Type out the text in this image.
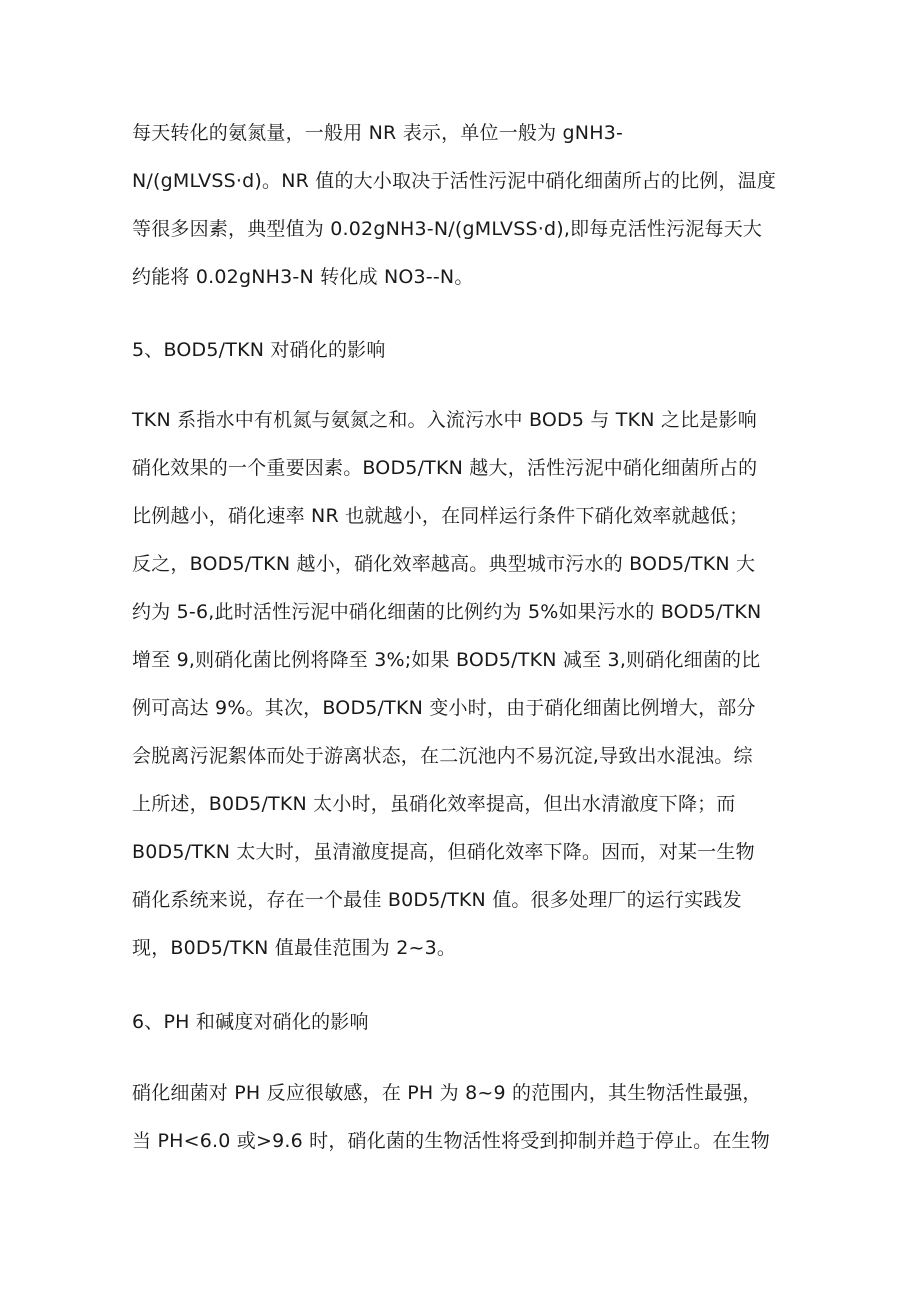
每天转化的氨氮量，一般用 NR 表示，单位一般为 gNH3-
N/(gMLVSS·d)。NR 值的大小取决于活性污泥中硝化细菌所占的比例，温度
等很多因素，典型值为 0.02gNH3-N/(gMLVSS·d),即每克活性污泥每天大
约能将 0.02gNH3-N 转化成 NO3--N。
5、BOD5/TKN 对硝化的影响
TKN 系指水中有机氮与氨氮之和。入流污水中 BOD5 与 TKN 之比是影响
硝化效果的一个重要因素。BOD5/TKN 越大，活性污泥中硝化细菌所占的
比例越小，硝化速率 NR 也就越小，在同样运行条件下硝化效率就越低；
反之，BOD5/TKN 越小，硝化效率越高。典型城市污水的 BOD5/TKN 大
约为 5-6,此时活性污泥中硝化细菌的比例约为 5%如果污水的 BOD5/TKN
增至 9,则硝化菌比例将降至 3%;如果 BOD5/TKN 减至 3,则硝化细菌的比
例可高达 9%。其次，BOD5/TKN 变小时，由于硝化细菌比例增大，部分
会脱离污泥絮体而处于游离状态，在二沉池内不易沉淀,导致出水混浊。综
上所述，B0D5/TKN 太小时，虽硝化效率提高，但出水清澈度下降；而
B0D5/TKN 太大时，虽清澈度提高，但硝化效率下降。因而，对某一生物
硝化系统来说，存在一个最佳 B0D5/TKN 值。很多处理厂的运行实践发
现，B0D5/TKN 值最佳范围为 2~3。
6、PH 和碱度对硝化的影响
硝化细菌对 PH 反应很敏感，在 PH 为 8~9 的范围内，其生物活性最强，
当 PH<6.0 或>9.6 时，硝化菌的生物活性将受到抑制并趋于停止。在生物
